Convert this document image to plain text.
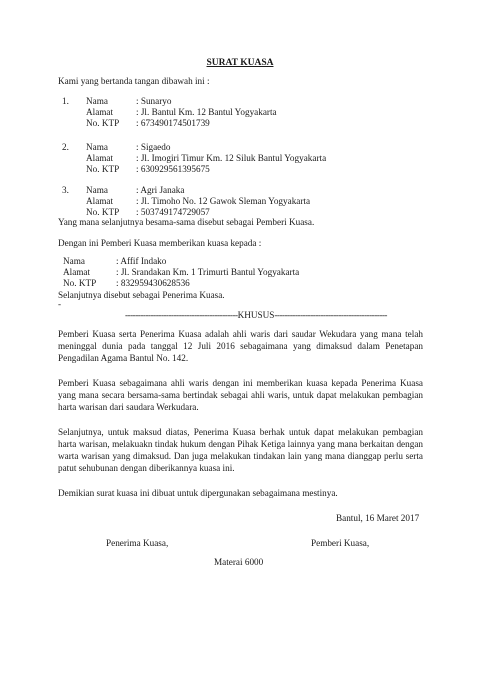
SURAT KUASA
Kami yang bertanda tangan dibawah ini :
1. Nama	: Sunaryo
Alamat : Jl. Bantul Km. 12 Bantul Yogyakarta
No. KTP : 673490174501739
2. Nama	: Sigaedo
Alamat : Jl. Imogiri Timur Km. 12 Siluk Bantul Yogyakarta
No. KTP : 630929561395675
3. Nama	: Agri Janaka
Alamat : Jl. Timoho No. 12 Gawok Sleman Yogyakarta
No. KTP : 503749174729057
Yang mana selanjutnya besama-sama disebut sebagai Pemberi Kuasa.
Dengan ini Pemberi Kuasa memberikan kuasa kepada :
Nama	: Affif Indako
Alamat	: Jl. Srandakan Km. 1 Trimurti Bantul Yogyakarta
No. KTP : 832959430628536
Selanjutnya disebut sebagai Penerima Kuasa.
-
--------------------------------------------KHUSUS--------------------------------------------
Pemberi Kuasa serta Penerima Kuasa adalah ahli waris dari saudar Wekudara yang mana telah meninggal dunia pada tanggal 12 Juli 2016 sebagaimana yang dimaksud dalam Penetapan Pengadilan Agama Bantul No. 142.
Pemberi Kuasa sebagaimana ahli waris dengan ini memberikan kuasa kepada Penerima Kuasa yang mana secara bersama-sama bertindak sebagai ahli waris, untuk dapat melakukan pembagian harta warisan dari saudara Werkudara.
Selanjutnya, untuk maksud diatas, Penerima Kuasa berhak untuk dapat melakukan pembagian harta warisan, melakuakn tindak hukum dengan Pihak Ketiga lainnya yang mana berkaitan dengan warta warisan yang dimaksud. Dan juga melakukan tindakan lain yang mana dianggap perlu serta patut sehubunan dengan diberikannya kuasa ini.
Demikian surat kuasa ini dibuat untuk dipergunakan sebagaimana mestinya.
Bantul, 16 Maret 2017
Penerima Kuasa,	Pemberi Kuasa,
Materai 6000
